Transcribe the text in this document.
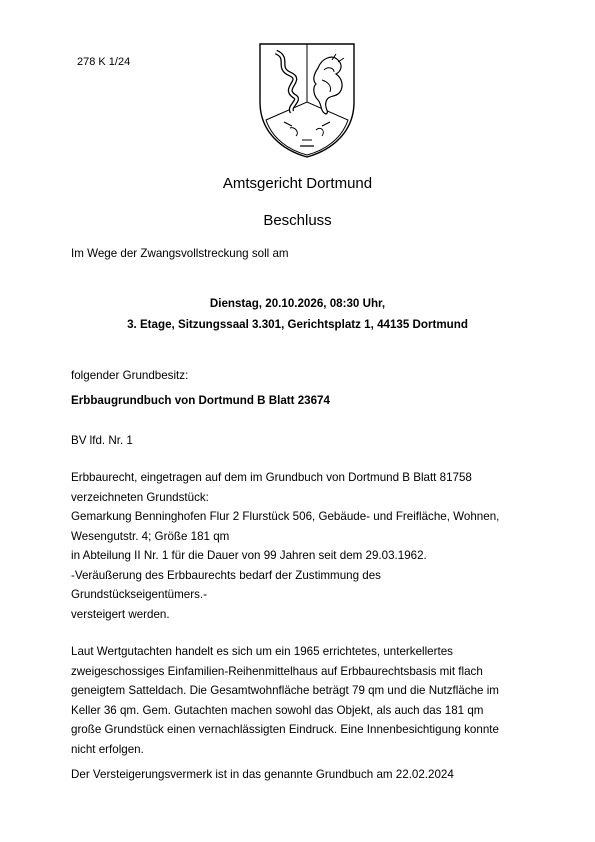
278 K 1/24
Amtsgericht Dortmund
Beschluss
Im Wege der Zwangsvollstreckung soll am
Dienstag, 20.10.2026, 08:30 Uhr,
3. Etage, Sitzungssaal 3.301, Gerichtsplatz 1, 44135 Dortmund
folgender Grundbesitz:
Erbbaugrundbuch von Dortmund B Blatt 23674
BV lfd. Nr. 1
Erbbaurecht, eingetragen auf dem im Grundbuch von Dortmund B Blatt 81758
verzeichneten Grundstück:
Gemarkung Benninghofen Flur 2 Flurstück 506, Gebäude- und Freifläche, Wohnen,
Wesengutstr. 4; Größe 181 qm
in Abteilung II Nr. 1 für die Dauer von 99 Jahren seit dem 29.03.1962.
-Veräußerung des Erbbaurechts bedarf der Zustimmung des
Grundstückseigentümers.-
versteigert werden.
Laut Wertgutachten handelt es sich um ein 1965 errichtetes, unterkellertes
zweigeschossiges Einfamilien-Reihenmittelhaus auf Erbbaurechtsbasis mit flach
geneigtem Satteldach. Die Gesamtwohnfläche beträgt 79 qm und die Nutzfläche im
Keller 36 qm. Gem. Gutachten machen sowohl das Objekt, als auch das 181 qm
große Grundstück einen vernachlässigten Eindruck. Eine Innenbesichtigung konnte
nicht erfolgen.
Der Versteigerungsvermerk ist in das genannte Grundbuch am 22.02.2024
